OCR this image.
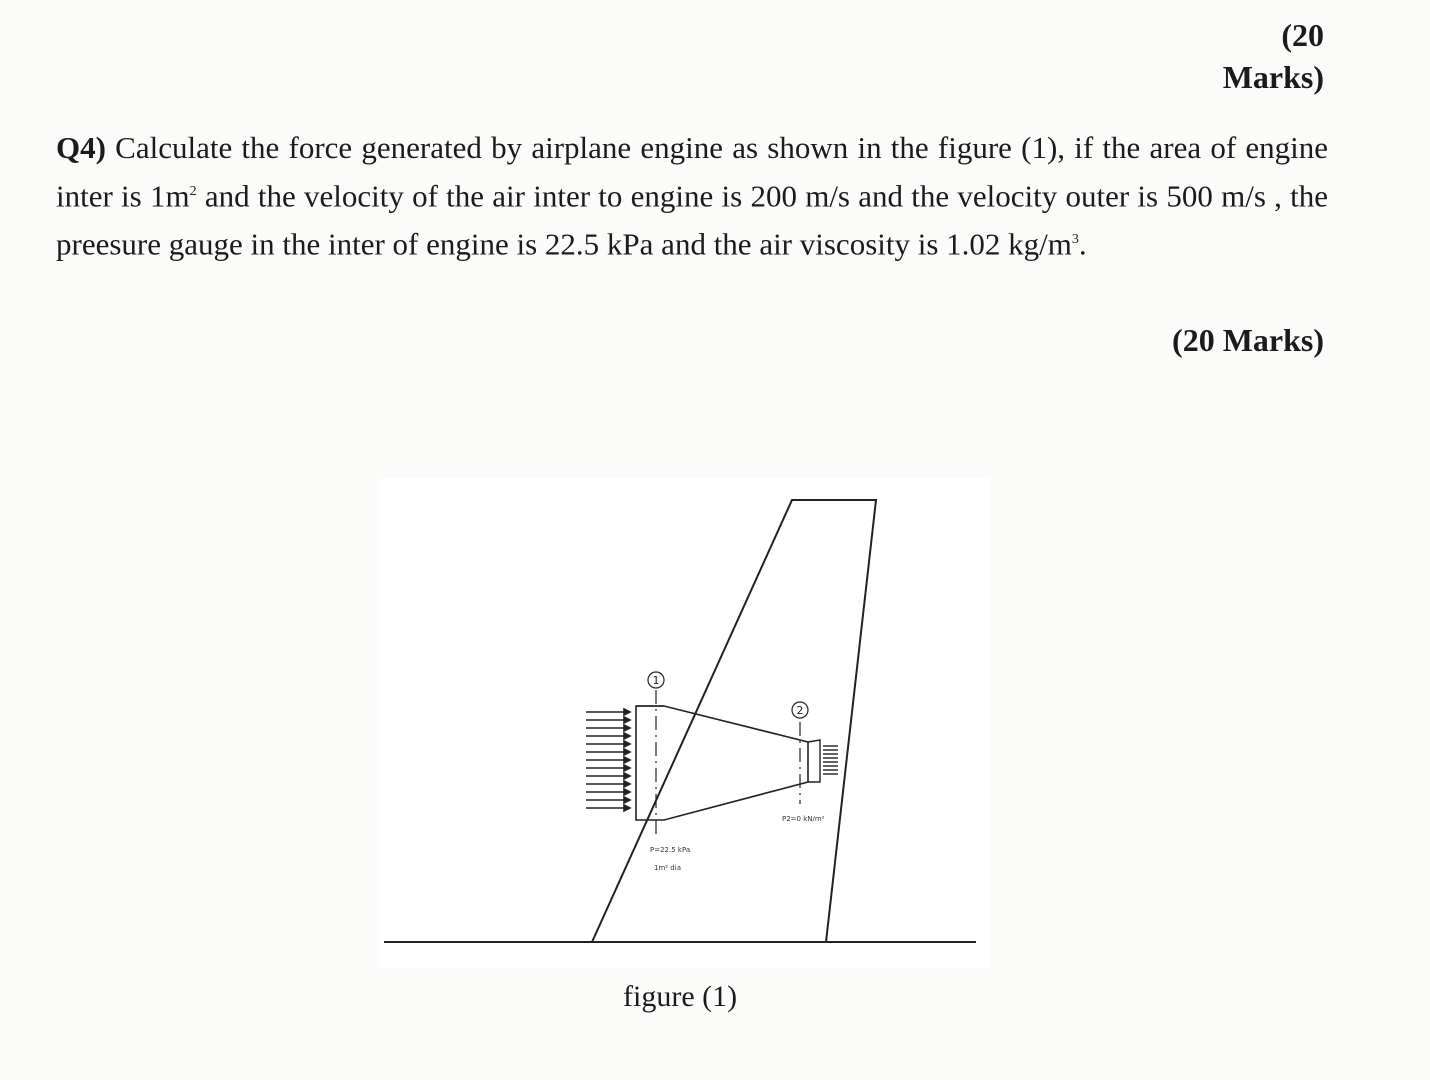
(20
Marks)
Q4) Calculate the force generated by airplane engine as shown in the figure (1), if the area of engine inter is $1m^2$ and the velocity of the air inter to engine is 200 m/s and the velocity outer is 500 m/s , the preesure gauge in the inter of engine is 22.5 kPa and the air viscosity is 1.02 $kg/m^3$.
(20 Marks)
1
2
P=22.5 kPa
1m² dia
P2=0 kN/m²
figure (1)
